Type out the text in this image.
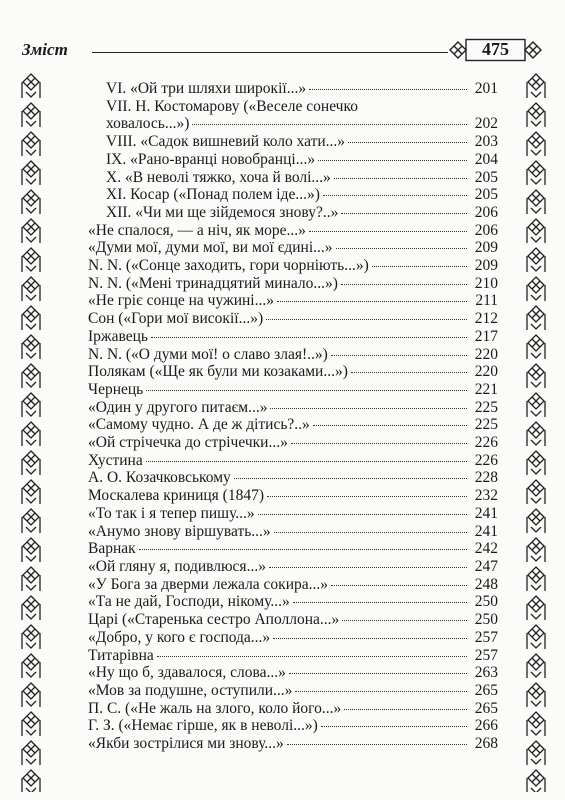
Зміст	475
VI. «Ой три шляхи широкії...»	201
VII. Н. Костомарову («Веселе сонечко
ховалось...»)	202
VIII. «Садок вишневий коло хати...»	203
IX. «Рано-вранці новобранці...»	204
X. «В неволі тяжко, хоча й волі...»	205
XI. Косар («Понад полем іде...»)	205
XII. «Чи ми ще зійдемося знову?..»	206
«Не спалося, — а ніч, як море...»	206
«Думи мої, думи мої, ви мої єдині...»	209
N. N. («Сонце заходить, гори чорніють...»)	209
N. N. («Мені тринадцятий минало...»)	210
«Не гріє сонце на чужині...»	211
Сон («Гори мої високії...»)	212
Іржавець	217
N. N. («О думи мої! о славо злая!..»)	220
Полякам («Ще як були ми козаками...»)	220
Чернець	221
«Один у другого питаєм...»	225
«Самому чудно. А де ж дітись?..»	225
«Ой стрічечка до стрічечки...»	226
Хустина	226
А. О. Козачковському	228
Москалева криниця (1847)	232
«То так і я тепер пишу...»	241
«Анумо знову віршувать...»	241
Варнак	242
«Ой гляну я, подивлюся...»	247
«У Бога за дверми лежала сокира...»	248
«Та не дай, Господи, нікому...»	250
Царі («Старенька сестро Аполлона...»	250
«Добро, у кого є господа...»	257
Титарівна	257
«Ну що б, здавалося, слова...»	263
«Мов за подушне, оступили...»	265
П. С. («Не жаль на злого, коло його...»	265
Г. З. («Немає гірше, як в неволі...»)	266
«Якби зострілися ми знову...»	268
